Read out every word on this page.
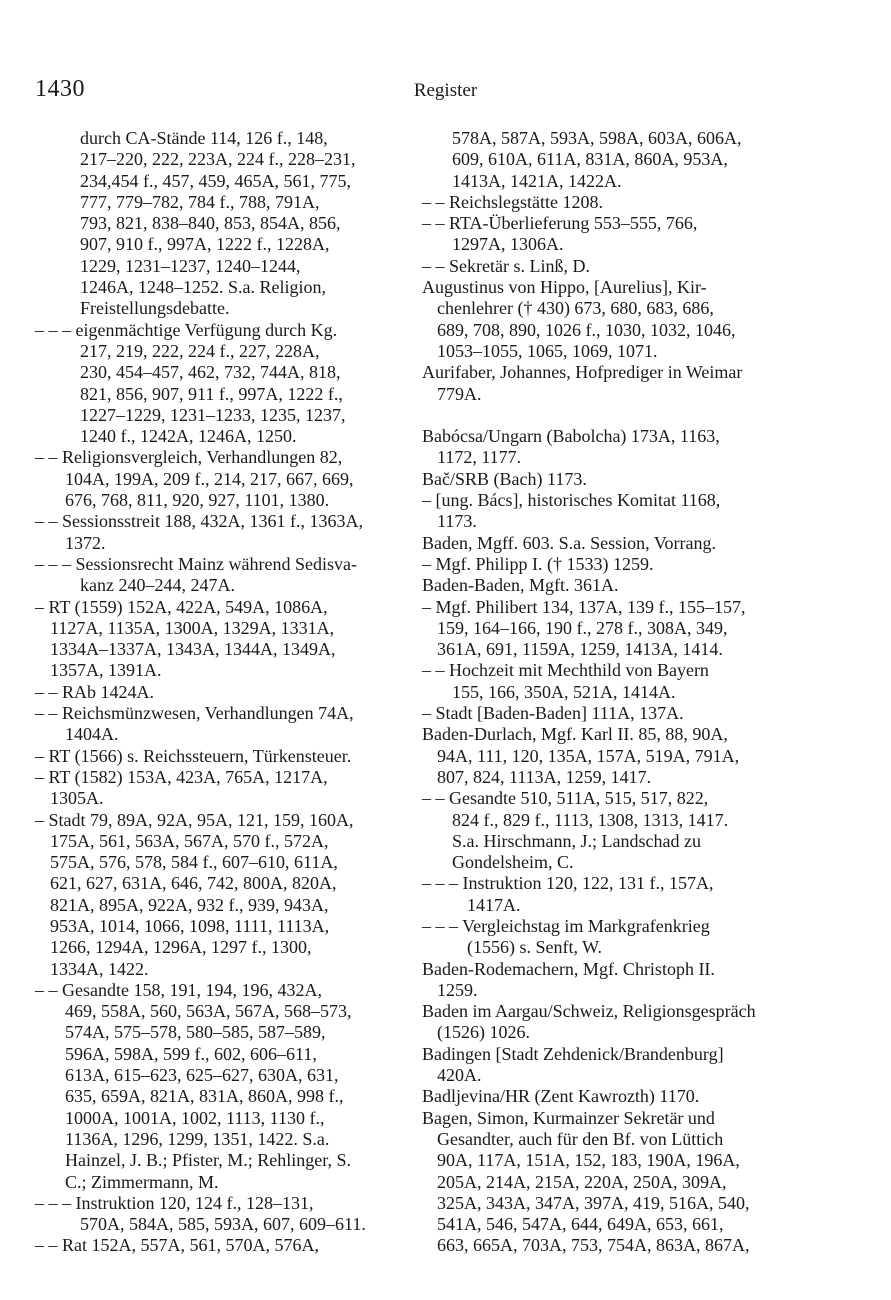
1430	Register
durch CA-Stände 114, 126 f., 148,
217–220, 222, 223A, 224 f., 228–231,
234,454 f., 457, 459, 465A, 561, 775,
777, 779–782, 784 f., 788, 791A,
793, 821, 838–840, 853, 854A, 856,
907, 910 f., 997A, 1222 f., 1228A,
1229, 1231–1237, 1240–1244,
1246A, 1248–1252. S.a. Religion,
Freistellungsdebatte.
– – – eigenmächtige Verfügung durch Kg.
217, 219, 222, 224 f., 227, 228A,
230, 454–457, 462, 732, 744A, 818,
821, 856, 907, 911 f., 997A, 1222 f.,
1227–1229, 1231–1233, 1235, 1237,
1240 f., 1242A, 1246A, 1250.
– – Religionsvergleich, Verhandlungen 82,
104A, 199A, 209 f., 214, 217, 667, 669,
676, 768, 811, 920, 927, 1101, 1380.
– – Sessionsstreit 188, 432A, 1361 f., 1363A,
1372.
– – – Sessionsrecht Mainz während Sedisva-
kanz 240–244, 247A.
– RT (1559) 152A, 422A, 549A, 1086A,
1127A, 1135A, 1300A, 1329A, 1331A,
1334A–1337A, 1343A, 1344A, 1349A,
1357A, 1391A.
– – RAb 1424A.
– – Reichsmünzwesen, Verhandlungen 74A,
1404A.
– RT (1566) s. Reichssteuern, Türkensteuer.
– RT (1582) 153A, 423A, 765A, 1217A,
1305A.
– Stadt 79, 89A, 92A, 95A, 121, 159, 160A,
175A, 561, 563A, 567A, 570 f., 572A,
575A, 576, 578, 584 f., 607–610, 611A,
621, 627, 631A, 646, 742, 800A, 820A,
821A, 895A, 922A, 932 f., 939, 943A,
953A, 1014, 1066, 1098, 1111, 1113A,
1266, 1294A, 1296A, 1297 f., 1300,
1334A, 1422.
– – Gesandte 158, 191, 194, 196, 432A,
469, 558A, 560, 563A, 567A, 568–573,
574A, 575–578, 580–585, 587–589,
596A, 598A, 599 f., 602, 606–611,
613A, 615–623, 625–627, 630A, 631,
635, 659A, 821A, 831A, 860A, 998 f.,
1000A, 1001A, 1002, 1113, 1130 f.,
1136A, 1296, 1299, 1351, 1422. S.a.
Hainzel, J. B.; Pfister, M.; Rehlinger, S.
C.; Zimmermann, M.
– – – Instruktion 120, 124 f., 128–131,
570A, 584A, 585, 593A, 607, 609–611.
– – Rat 152A, 557A, 561, 570A, 576A,
578A, 587A, 593A, 598A, 603A, 606A,
609, 610A, 611A, 831A, 860A, 953A,
1413A, 1421A, 1422A.
– – Reichslegstätte 1208.
– – RTA-Überlieferung 553–555, 766,
1297A, 1306A.
– – Sekretär s. Linß, D.
Augustinus von Hippo, [Aurelius], Kir-
chenlehrer († 430) 673, 680, 683, 686,
689, 708, 890, 1026 f., 1030, 1032, 1046,
1053–1055, 1065, 1069, 1071.
Aurifaber, Johannes, Hofprediger in Weimar
779A.
Babócsa/Ungarn (Babolcha) 173A, 1163,
1172, 1177.
Bač/SRB (Bach) 1173.
– [ung. Bács], historisches Komitat 1168,
1173.
Baden, Mgff. 603. S.a. Session, Vorrang.
– Mgf. Philipp I. († 1533) 1259.
Baden-Baden, Mgft. 361A.
– Mgf. Philibert 134, 137A, 139 f., 155–157,
159, 164–166, 190 f., 278 f., 308A, 349,
361A, 691, 1159A, 1259, 1413A, 1414.
– – Hochzeit mit Mechthild von Bayern
155, 166, 350A, 521A, 1414A.
– Stadt [Baden-Baden] 111A, 137A.
Baden-Durlach, Mgf. Karl II. 85, 88, 90A,
94A, 111, 120, 135A, 157A, 519A, 791A,
807, 824, 1113A, 1259, 1417.
– – Gesandte 510, 511A, 515, 517, 822,
824 f., 829 f., 1113, 1308, 1313, 1417.
S.a. Hirschmann, J.; Landschad zu
Gondelsheim, C.
– – – Instruktion 120, 122, 131 f., 157A,
1417A.
– – – Vergleichstag im Markgrafenkrieg
(1556) s. Senft, W.
Baden-Rodemachern, Mgf. Christoph II.
1259.
Baden im Aargau/Schweiz, Religionsgespräch
(1526) 1026.
Badingen [Stadt Zehdenick/Brandenburg]
420A.
Badljevina/HR (Zent Kawrozth) 1170.
Bagen, Simon, Kurmainzer Sekretär und
Gesandter, auch für den Bf. von Lüttich
90A, 117A, 151A, 152, 183, 190A, 196A,
205A, 214A, 215A, 220A, 250A, 309A,
325A, 343A, 347A, 397A, 419, 516A, 540,
541A, 546, 547A, 644, 649A, 653, 661,
663, 665A, 703A, 753, 754A, 863A, 867A,
